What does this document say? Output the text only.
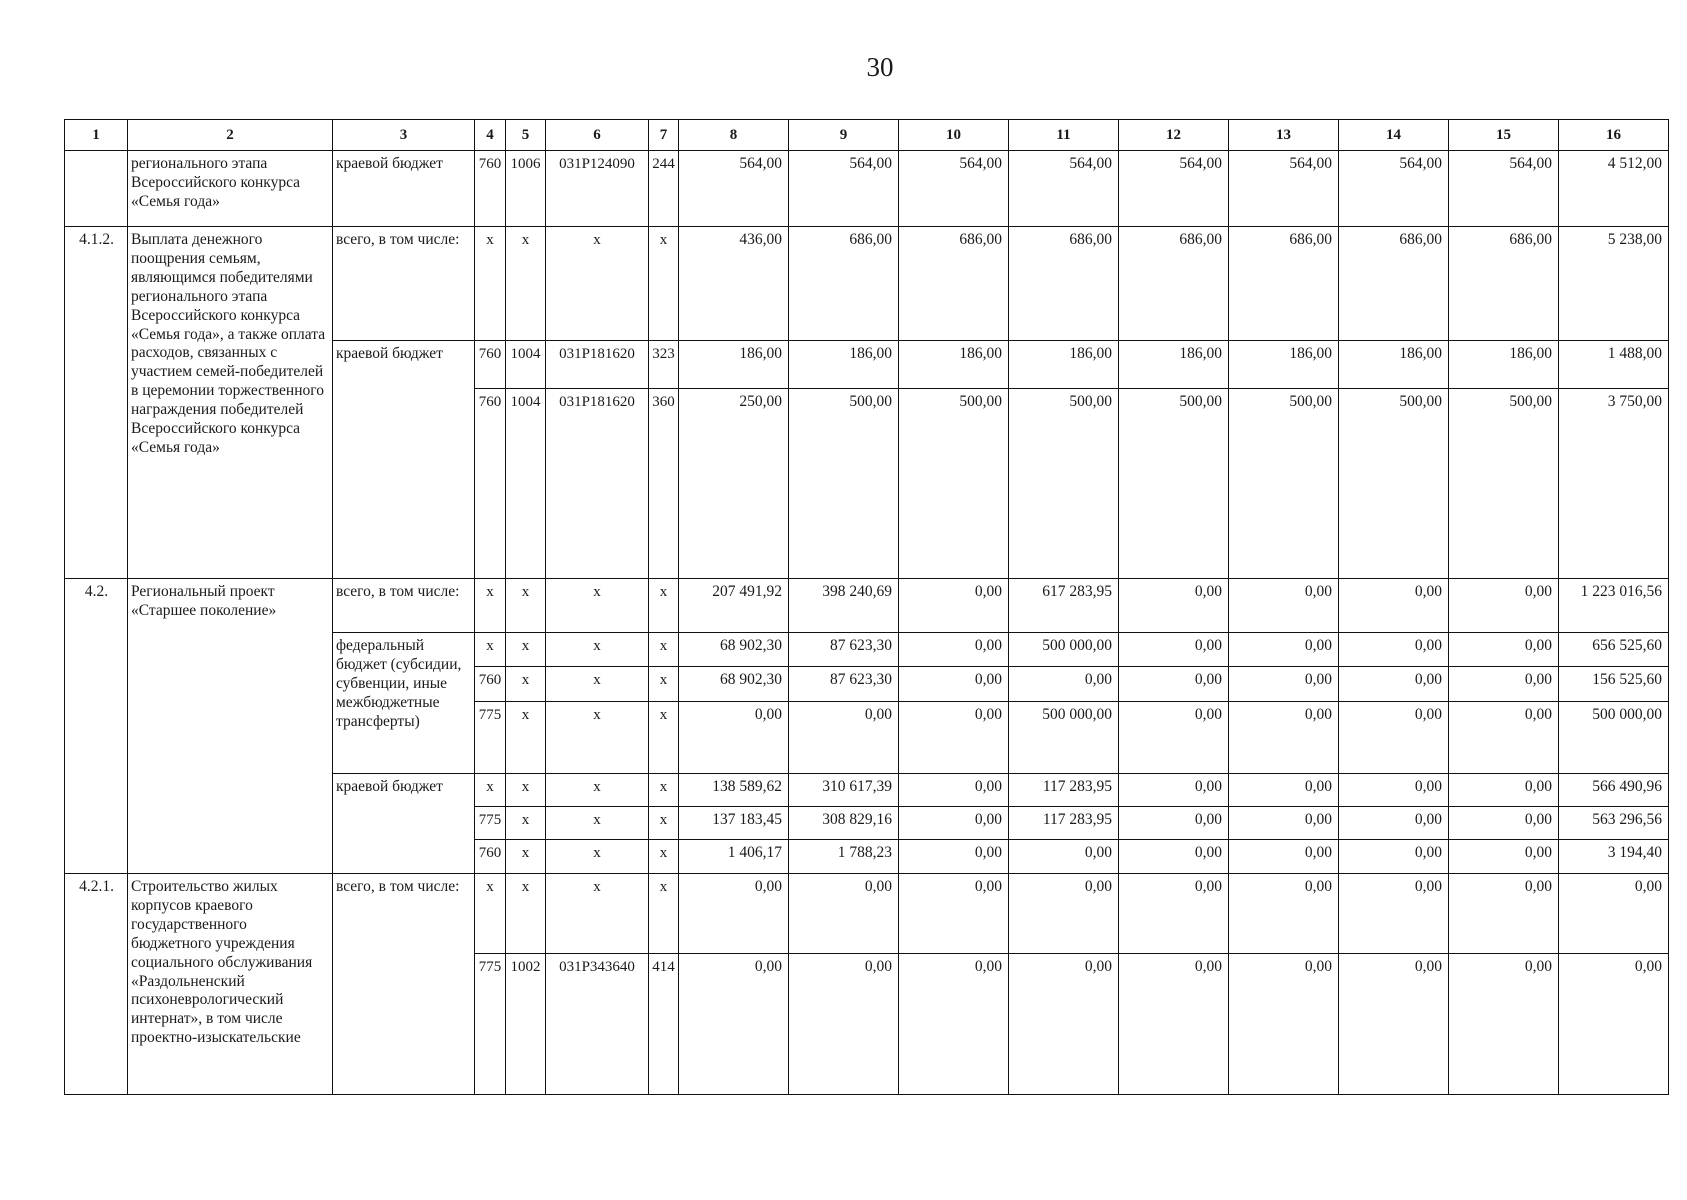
30
1	2	3	4	5	6	7	8	9	10	11	12	13	14	15	16
	регионального этапа Всероссийского конкурса «Семья года»	краевой бюджет	760	1006	031P124090	244	564,00	564,00	564,00	564,00	564,00	564,00	564,00	564,00	4 512,00
4.1.2.	Выплата денежного поощрения семьям, являющимся победителями регионального этапа Всероссийского конкурса «Семья года», а также оплата расходов, связанных с участием семей-победителей в церемонии торжественного награждения победителей Всероссийского конкурса «Семья года»	всего, в том числе:	x	x	x	x	436,00	686,00	686,00	686,00	686,00	686,00	686,00	686,00	5 238,00
		краевой бюджет	760	1004	031P181620	323	186,00	186,00	186,00	186,00	186,00	186,00	186,00	186,00	1 488,00
			760	1004	031P181620	360	250,00	500,00	500,00	500,00	500,00	500,00	500,00	500,00	3 750,00
4.2.	Региональный проект «Старшее поколение»	всего, в том числе:	x	x	x	x	207 491,92	398 240,69	0,00	617 283,95	0,00	0,00	0,00	0,00	1 223 016,56
		федеральный бюджет (субсидии, субвенции, иные межбюджетные трансферты)	x	x	x	x	68 902,30	87 623,30	0,00	500 000,00	0,00	0,00	0,00	0,00	656 525,60
			760	x	x	x	68 902,30	87 623,30	0,00	0,00	0,00	0,00	0,00	0,00	156 525,60
			775	x	x	x	0,00	0,00	0,00	500 000,00	0,00	0,00	0,00	0,00	500 000,00
		краевой бюджет	x	x	x	x	138 589,62	310 617,39	0,00	117 283,95	0,00	0,00	0,00	0,00	566 490,96
			775	x	x	x	137 183,45	308 829,16	0,00	117 283,95	0,00	0,00	0,00	0,00	563 296,56
			760	x	x	x	1 406,17	1 788,23	0,00	0,00	0,00	0,00	0,00	0,00	3 194,40
4.2.1.	Строительство жилых корпусов краевого государственного бюджетного учреждения социального обслуживания «Раздольненский психоневрологический интернат», в том числе проектно-изыскательские	всего, в том числе:	x	x	x	x	0,00	0,00	0,00	0,00	0,00	0,00	0,00	0,00	0,00
			775	1002	031P343640	414	0,00	0,00	0,00	0,00	0,00	0,00	0,00	0,00	0,00
